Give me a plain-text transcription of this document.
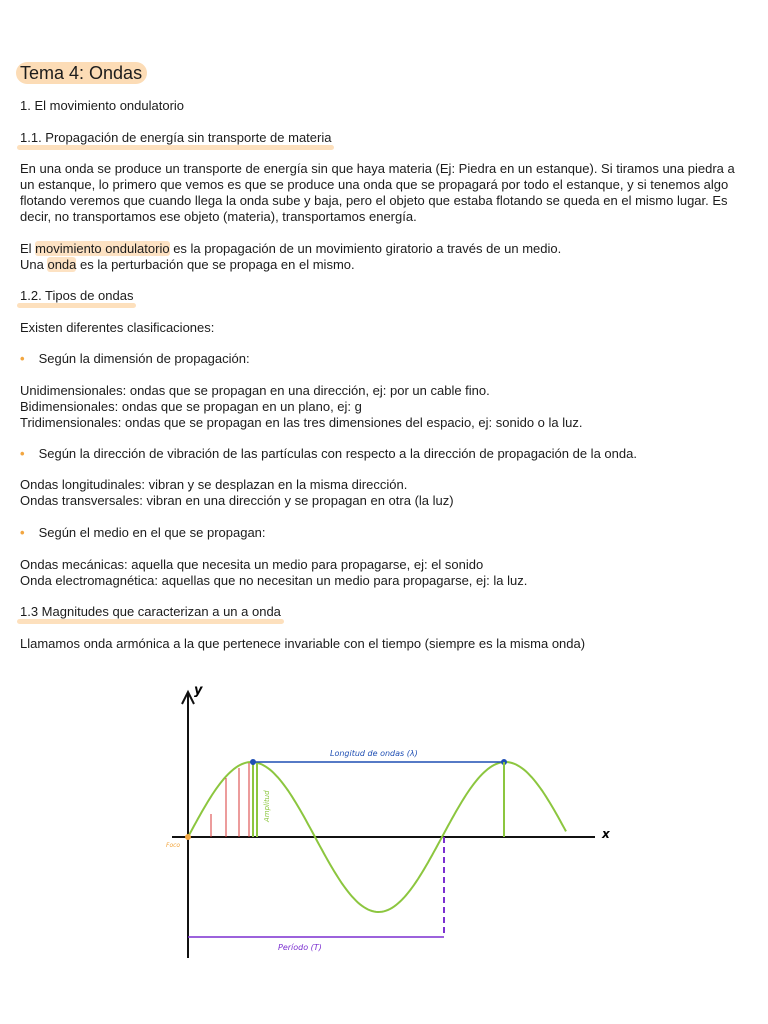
Tema 4: Ondas
1. El movimiento ondulatorio
1.1. Propagación de energía sin transporte de materia

En una onda se produce un transporte de energía sin que haya materia (Ej: Piedra en un estanque). Si tiramos una piedra a un estanque, lo primero que vemos es que se produce una onda que se propagará por todo el estanque, y si tenemos algo flotando veremos que cuando llega la onda sube y baja, pero el objeto que estaba flotando se queda en el mismo lugar. Es decir, no transportamos ese objeto (materia), transportamos energía.

El movimiento ondulatorio es la propagación de un movimiento giratorio a través de un medio.
Una onda es la perturbación que se propaga en el mismo.
1.2. Tipos de ondas
Existen diferentes clasificaciones:
• Según la dimensión de propagación:
Unidimensionales: ondas que se propagan en una dirección, ej: por un cable fino.
Bidimensionales: ondas que se propagan en un plano, ej: g
Tridimensionales: ondas que se propagan en las tres dimensiones del espacio, ej: sonido o la luz.
• Según la dirección de vibración de las partículas con respecto a la dirección de propagación de la onda.
Ondas longitudinales: vibran y se desplazan en la misma dirección.
Ondas transversales: vibran en una dirección y se propagan en otra (la luz)
• Según el medio en el que se propagan:
Ondas mecánicas: aquella que necesita un medio para propagarse, ej: el sonido
Onda electromagnética: aquellas que no necesitan un medio para propagarse, ej: la luz.
1.3 Magnitudes que caracterizan a un a onda
Llamamos onda armónica a la que pertenece invariable con el tiempo (siempre es la misma onda)
y
x
Amplitud
Longitud de ondas (λ)
Período (T)
Foco
